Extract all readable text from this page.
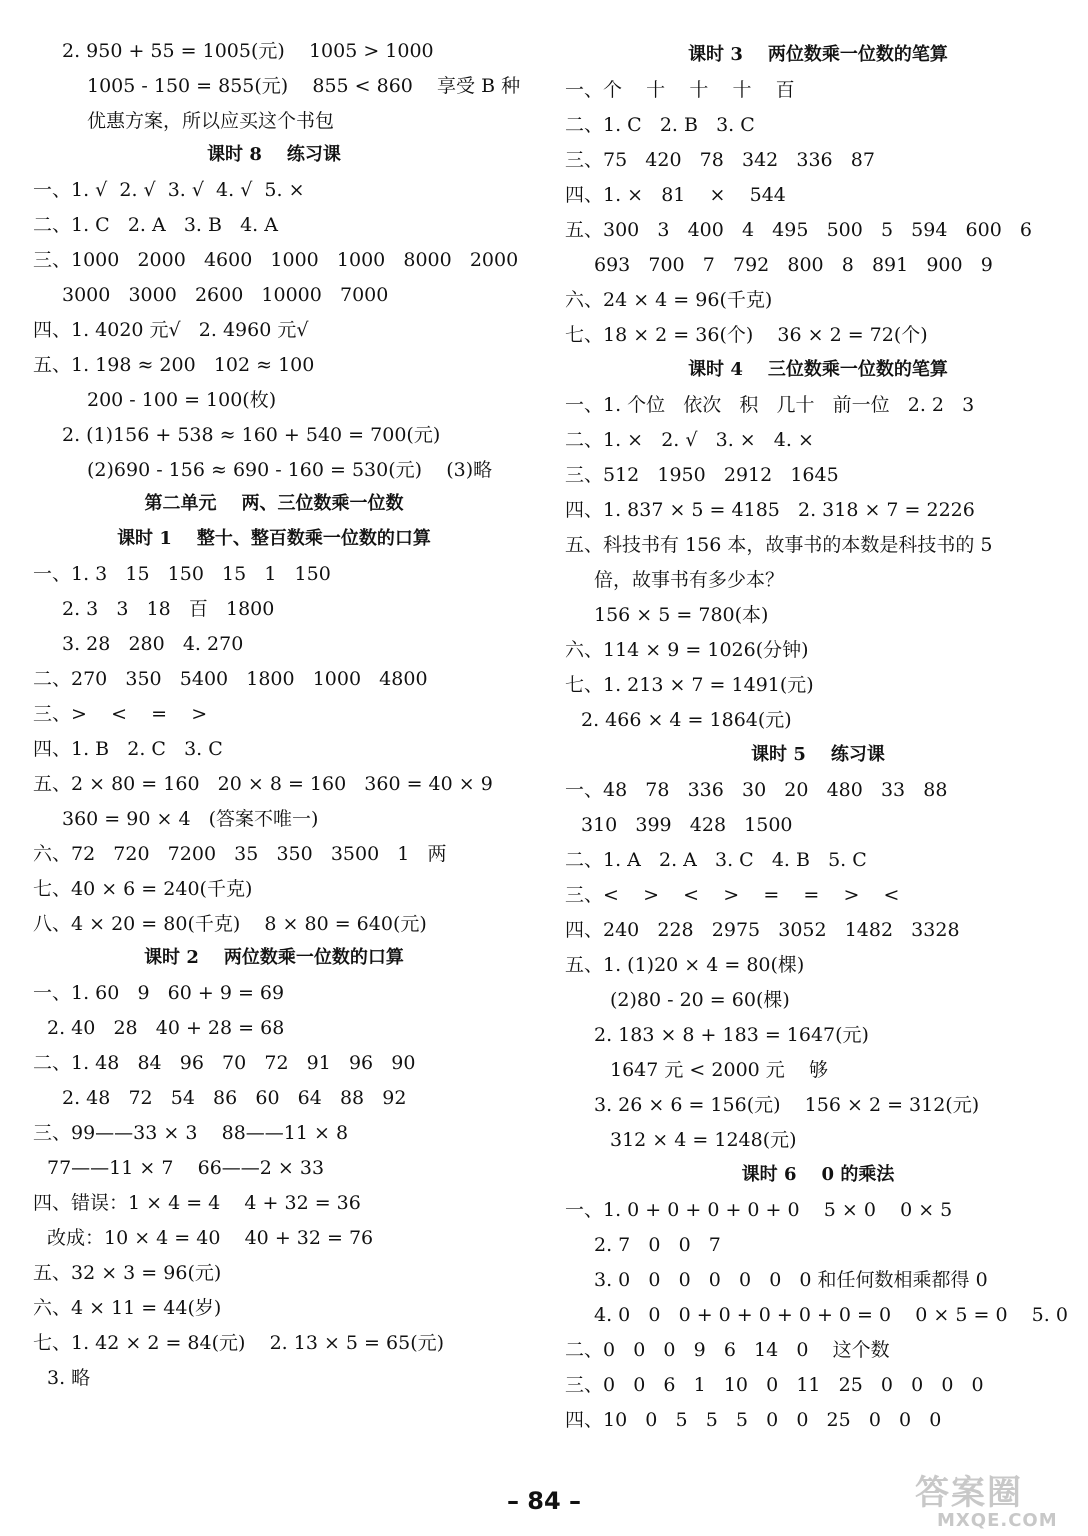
2. 950 + 55 = 1005(元)    1005 > 1000
1005 - 150 = 855(元)    855 < 860    享受 B 种
优惠方案，所以应买这个书包
课时 8    练习课
一、1. √  2. √  3. √  4. √  5. ×
二、1. C   2. A   3. B   4. A
三、1000   2000   4600   1000   1000   8000   2000
3000   3000   2600   10000   7000
四、1. 4020 元√   2. 4960 元√
五、1. 198 ≈ 200   102 ≈ 100
200 - 100 = 100(枚)
2. (1)156 + 538 ≈ 160 + 540 = 700(元)
(2)690 - 156 ≈ 690 - 160 = 530(元)    (3)略
第二单元    两、三位数乘一位数
课时 1    整十、整百数乘一位数的口算
一、1. 3   15   150   15   1   150
2. 3   3   18   百   1800
3. 28   280   4. 270
二、270   350   5400   1800   1000   4800
三、>    <    =    >
四、1. B   2. C   3. C
五、2 × 80 = 160   20 × 8 = 160   360 = 40 × 9
360 = 90 × 4   (答案不唯一)
六、72   720   7200   35   350   3500   1   两
七、40 × 6 = 240(千克)
八、4 × 20 = 80(千克)    8 × 80 = 640(元)
课时 2    两位数乘一位数的口算
一、1. 60   9   60 + 9 = 69
2. 40   28   40 + 28 = 68
二、1. 48   84   96   70   72   91   96   90
2. 48   72   54   86   60   64   88   92
三、99——33 × 3    88——11 × 8
77——11 × 7    66——2 × 33
四、错误：1 × 4 = 4    4 + 32 = 36
改成：10 × 4 = 40    40 + 32 = 76
五、32 × 3 = 96(元)
六、4 × 11 = 44(岁)
七、1. 42 × 2 = 84(元)    2. 13 × 5 = 65(元)
3. 略
课时 3    两位数乘一位数的笔算
一、个    十    十    十    百
二、1. C   2. B   3. C
三、75   420   78   342   336   87
四、1. ×   81    ×    544
五、300   3   400   4   495   500   5   594   600   6
693   700   7   792   800   8   891   900   9
六、24 × 4 = 96(千克)
七、18 × 2 = 36(个)    36 × 2 = 72(个)
课时 4    三位数乘一位数的笔算
一、1. 个位   依次   积   几十   前一位   2. 2   3
二、1. ×   2. √   3. ×   4. ×
三、512   1950   2912   1645
四、1. 837 × 5 = 4185   2. 318 × 7 = 2226
五、科技书有 156 本，故事书的本数是科技书的 5
倍，故事书有多少本？
156 × 5 = 780(本)
六、114 × 9 = 1026(分钟)
七、1. 213 × 7 = 1491(元)
2. 466 × 4 = 1864(元)
课时 5    练习课
一、48   78   336   30   20   480   33   88
310   399   428   1500
二、1. A   2. A   3. C   4. B   5. C
三、<    >    <    >    =    =    >    <
四、240   228   2975   3052   1482   3328
五、1. (1)20 × 4 = 80(棵)
(2)80 - 20 = 60(棵)
2. 183 × 8 + 183 = 1647(元)
1647 元 < 2000 元    够
3. 26 × 6 = 156(元)    156 × 2 = 312(元)
312 × 4 = 1248(元)
课时 6    0 的乘法
一、1. 0 + 0 + 0 + 0 + 0    5 × 0    0 × 5
2. 7   0   0   7
3. 0   0   0   0   0   0   0 和任何数相乘都得 0
4. 0   0   0 + 0 + 0 + 0 + 0 = 0    0 × 5 = 0    5. 0
二、0   0   0   9   6   14   0    这个数
三、0   0   6   1   10   0   11   25   0   0   0   0
四、10   0   5   5   5   0   0   25   0   0   0
– 84 –	答案圈
MXQE.COM
